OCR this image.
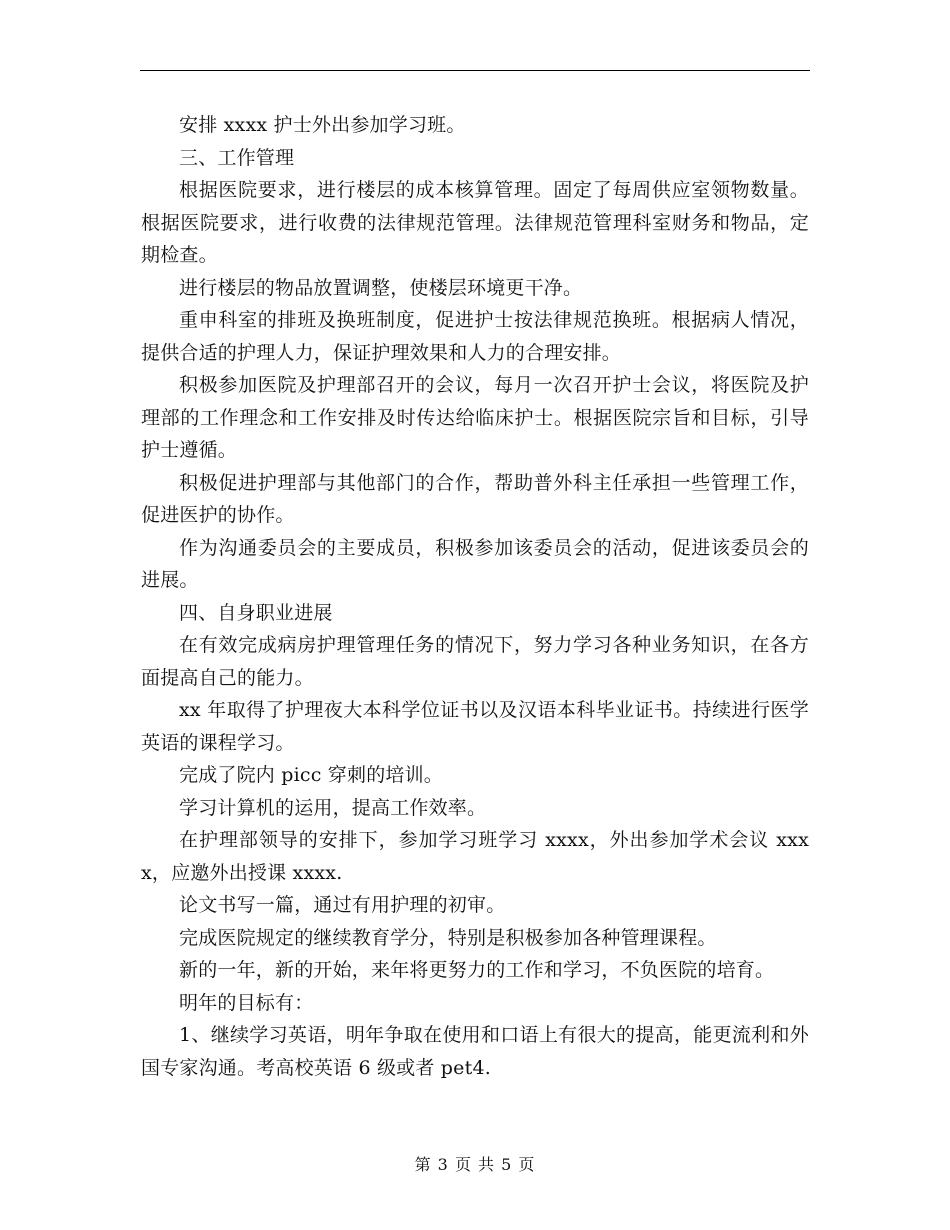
安排 xxxx 护士外出参加学习班。

三、工作管理

根据医院要求，进行楼层的成本核算管理。固定了每周供应室领物数量。根据医院要求，进行收费的法律规范管理。法律规范管理科室财务和物品，定期检查。

进行楼层的物品放置调整，使楼层环境更干净。

重申科室的排班及换班制度，促进护士按法律规范换班。根据病人情况，提供合适的护理人力，保证护理效果和人力的合理安排。

积极参加医院及护理部召开的会议，每月一次召开护士会议，将医院及护理部的工作理念和工作安排及时传达给临床护士。根据医院宗旨和目标，引导护士遵循。

积极促进护理部与其他部门的合作，帮助普外科主任承担一些管理工作，促进医护的协作。

作为沟通委员会的主要成员，积极参加该委员会的活动，促进该委员会的进展。

四、自身职业进展

在有效完成病房护理管理任务的情况下，努力学习各种业务知识，在各方面提高自己的能力。

xx 年取得了护理夜大本科学位证书以及汉语本科毕业证书。持续进行医学英语的课程学习。

完成了院内 picc 穿刺的培训。

学习计算机的运用，提高工作效率。

在护理部领导的安排下，参加学习班学习 xxxx，外出参加学术会议 xxxx，应邀外出授课 xxxx.

论文书写一篇，通过有用护理的初审。

完成医院规定的继续教育学分，特别是积极参加各种管理课程。

新的一年，新的开始，来年将更努力的工作和学习，不负医院的培育。

明年的目标有：

1、继续学习英语，明年争取在使用和口语上有很大的提高，能更流利和外国专家沟通。考高校英语 6 级或者 pet4.

第 3 页 共 5 页
